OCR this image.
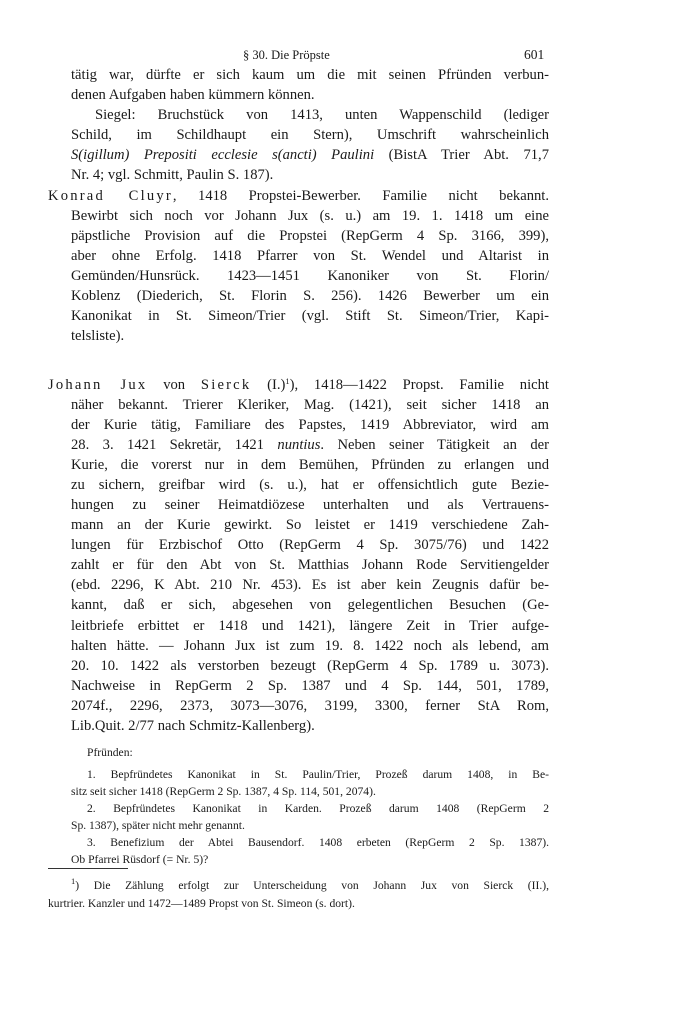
§ 30. Die Pröpste	601
tätig war, dürfte er sich kaum um die mit seinen Pfründen verbun-
denen Aufgaben haben kümmern können.
Siegel: Bruchstück von 1413, unten Wappenschild (lediger
Schild, im Schildhaupt ein Stern), Umschrift wahrscheinlich
S(igillum) Prepositi ecclesie s(ancti) Paulini (BistA Trier Abt. 71,7
Nr. 4; vgl. Schmitt, Paulin S. 187).
Konrad Cluyr, 1418 Propstei-Bewerber. Familie nicht bekannt.
Bewirbt sich noch vor Johann Jux (s. u.) am 19. 1. 1418 um eine
päpstliche Provision auf die Propstei (RepGerm 4 Sp. 3166, 399),
aber ohne Erfolg. 1418 Pfarrer von St. Wendel und Altarist in
Gemünden/Hunsrück. 1423—1451 Kanoniker von St. Florin/
Koblenz (Diederich, St. Florin S. 256). 1426 Bewerber um ein
Kanonikat in St. Simeon/Trier (vgl. Stift St. Simeon/Trier, Kapi-
telsliste).
Johann Jux von Sierck $(I.)^1$), 1418—1422 Propst. Familie nicht
näher bekannt. Trierer Kleriker, Mag. (1421), seit sicher 1418 an
der Kurie tätig, Familiare des Papstes, 1419 Abbreviator, wird am
28. 3. 1421 Sekretär, 1421 nuntius. Neben seiner Tätigkeit an der
Kurie, die vorerst nur in dem Bemühen, Pfründen zu erlangen und
zu sichern, greifbar wird (s. u.), hat er offensichtlich gute Bezie-
hungen zu seiner Heimatdiözese unterhalten und als Vertrauens-
mann an der Kurie gewirkt. So leistet er 1419 verschiedene Zah-
lungen für Erzbischof Otto (RepGerm 4 Sp. 3075/76) und 1422
zahlt er für den Abt von St. Matthias Johann Rode Servitiengelder
(ebd. 2296, K Abt. 210 Nr. 453). Es ist aber kein Zeugnis dafür be-
kannt, daß er sich, abgesehen von gelegentlichen Besuchen (Ge-
leitbriefe erbittet er 1418 und 1421), längere Zeit in Trier aufge-
halten hätte. — Johann Jux ist zum 19. 8. 1422 noch als lebend, am
20. 10. 1422 als verstorben bezeugt (RepGerm 4 Sp. 1789 u. 3073).
Nachweise in RepGerm 2 Sp. 1387 und 4 Sp. 144, 501, 1789,
2074f., 2296, 2373, 3073—3076, 3199, 3300, ferner StA Rom,
Lib.Quit. 2/77 nach Schmitz-Kallenberg).
Pfründen:
1. Bepfründetes Kanonikat in St. Paulin/Trier, Prozeß darum 1408, in Be-
sitz seit sicher 1418 (RepGerm 2 Sp. 1387, 4 Sp. 114, 501, 2074).
2. Bepfründetes Kanonikat in Karden. Prozeß darum 1408 (RepGerm 2
Sp. 1387), später nicht mehr genannt.
3. Benefizium der Abtei Bausendorf. 1408 erbeten (RepGerm 2 Sp. 1387).
Ob Pfarrei Rüsdorf (= Nr. 5)?
$^1$) Die Zählung erfolgt zur Unterscheidung von Johann Jux von Sierck (II.),
kurtrier. Kanzler und 1472—1489 Propst von St. Simeon (s. dort).
